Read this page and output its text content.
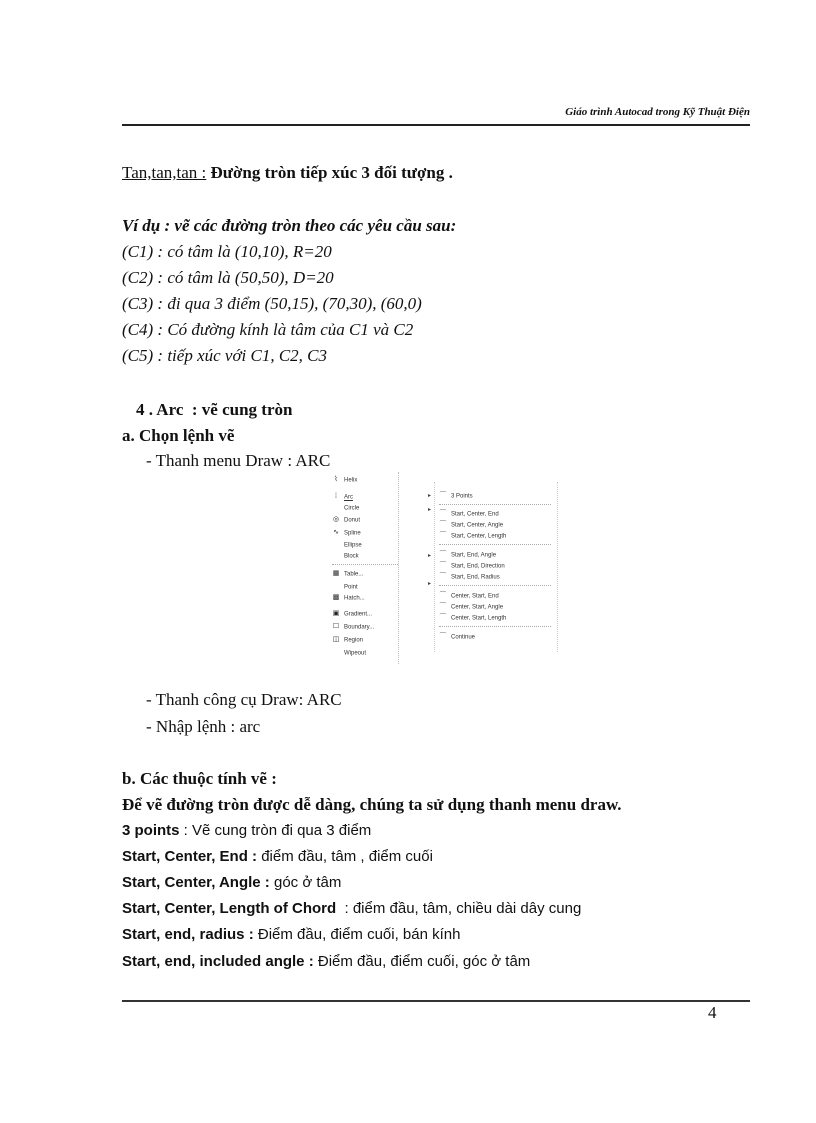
Giáo trình Autocad trong Kỹ Thuật Điện
Tan,tan,tan : Đường tròn tiếp xúc 3 đối tượng .
Ví dụ : vẽ các đường tròn theo các yêu cầu sau:
(C1) : có tâm là (10,10), R=20
(C2) : có tâm là (50,50), D=20
(C3) : đi qua 3 điểm (50,15), (70,30), (60,0)
(C4) : Có đường kính là tâm của C1 và C2
(C5) : tiếp xúc với C1, C2, C3
4 . Arc  : vẽ cung tròn
a. Chọn lệnh vẽ
- Thanh menu Draw : ARC
⌇ Helix
⁞ Arc
Circle
◎ Donut
∿ Spline
Ellipse
Block
▦ Table...
Point
▩ Hatch...
▣ Gradient...
☐ Boundary...
◫ Region
Wipeout
▸
▸
▸
▸
⌒ 3 Points
⌒ Start, Center, End
⌒ Start, Center, Angle
⌒ Start, Center, Length
⌒ Start, End, Angle
⌒ Start, End, Direction
⌒ Start, End, Radius
⌒ Center, Start, End
⌒ Center, Start, Angle
⌒ Center, Start, Length
⌒ Continue
- Thanh công cụ Draw: ARC
- Nhập lệnh : arc
b. Các thuộc tính vẽ :
Để vẽ đường tròn được dễ dàng, chúng ta sử dụng thanh menu draw.
3 points : Vẽ cung tròn đi qua 3 điểm
Start, Center, End : điểm đầu, tâm , điểm cuối
Start, Center, Angle : góc ở tâm
Start, Center, Length of Chord  : điểm đầu, tâm, chiều dài dây cung
Start, end, radius : Điểm đầu, điểm cuối, bán kính
Start, end, included angle : Điểm đầu, điểm cuối, góc ở tâm
4
